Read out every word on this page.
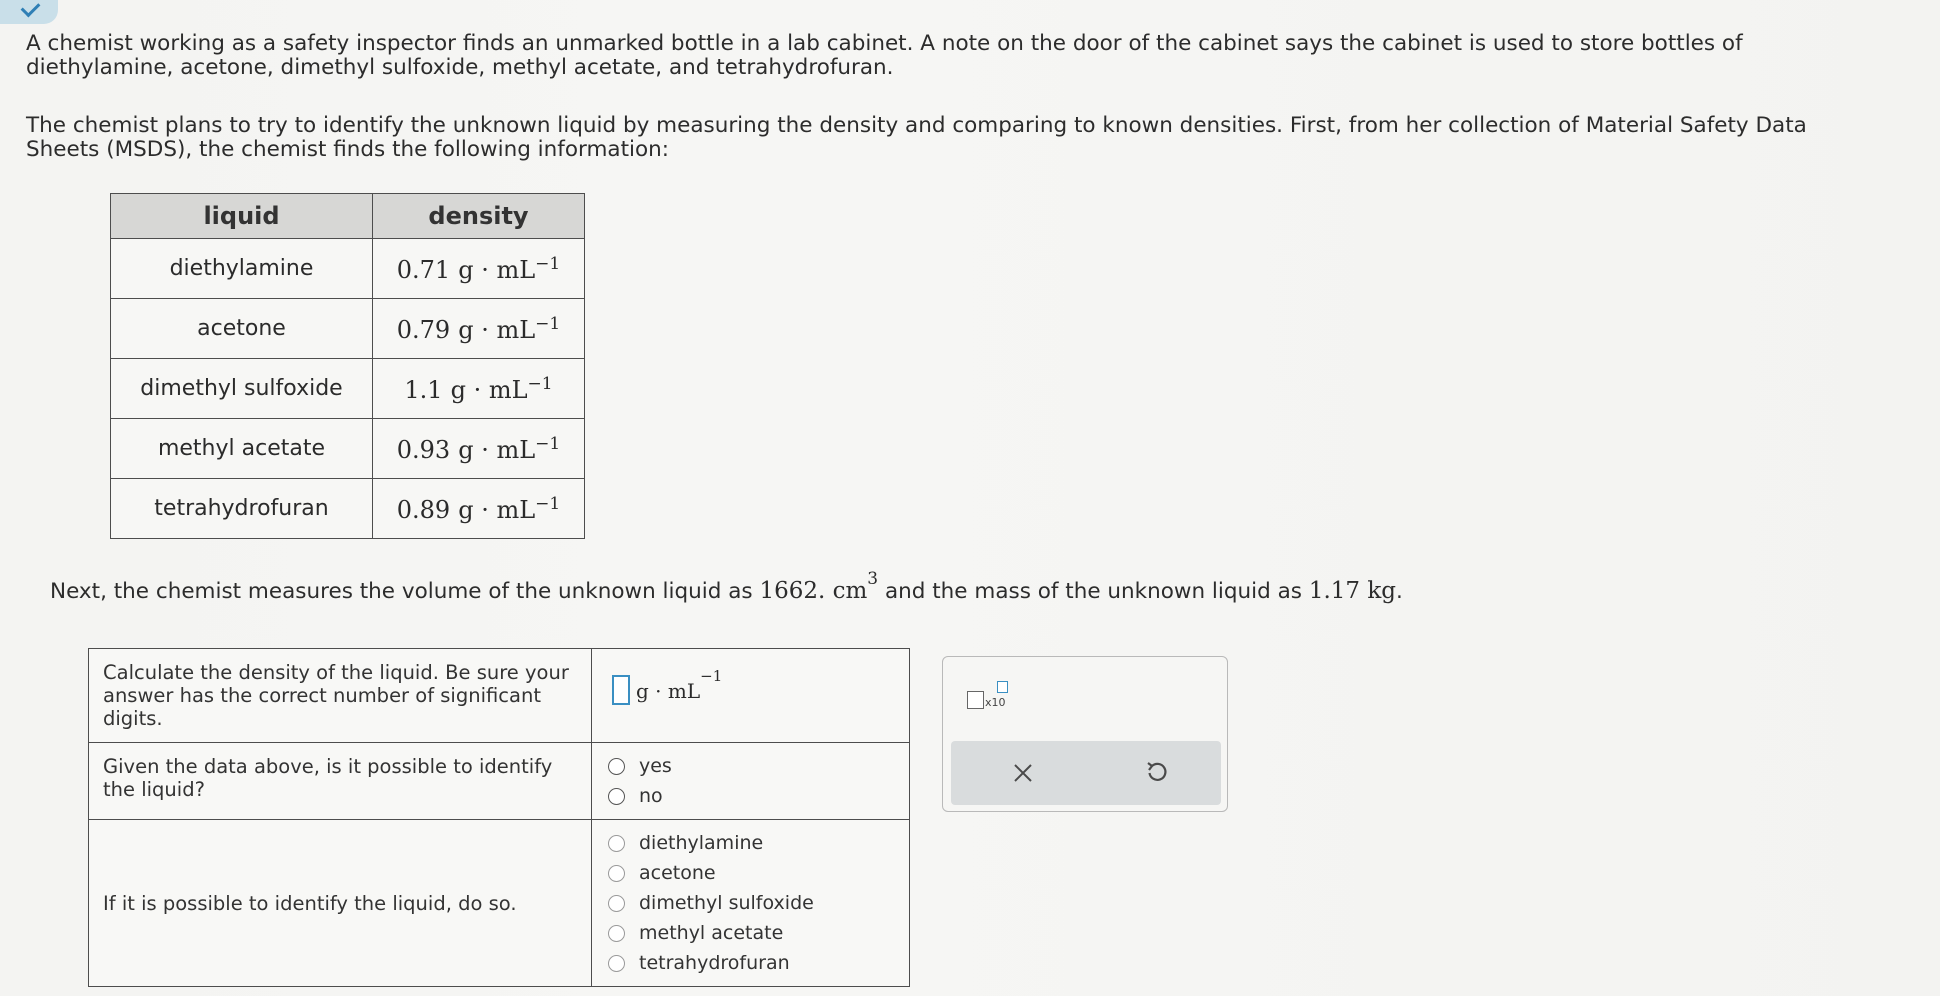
A chemist working as a safety inspector finds an unmarked bottle in a lab cabinet. A note on the door of the cabinet says the cabinet is used to store bottles of diethylamine, acetone, dimethyl sulfoxide, methyl acetate, and tetrahydrofuran.

The chemist plans to try to identify the unknown liquid by measuring the density and comparing to known densities. First, from her collection of Material Safety Data Sheets (MSDS), the chemist finds the following information:

liquid	density
diethylamine	0.71 $g \cdot mL^{-1}$
acetone	0.79 $g \cdot mL^{-1}$
dimethyl sulfoxide	1.1 $g \cdot mL^{-1}$
methyl acetate	0.93 $g \cdot mL^{-1}$
tetrahydrofuran	0.89 $g \cdot mL^{-1}$

Next, the chemist measures the volume of the unknown liquid as 1662. $cm^3$ and the mass of the unknown liquid as 1.17 kg.

Calculate the density of the liquid. Be sure your answer has the correct number of significant digits.	$g \cdot mL^{-1}$
Given the data above, is it possible to identify the liquid?	yes
no

If it is possible to identify the liquid, do so.	diethylamine
acetone
dimethyl sulfoxide
methyl acetate
tetrahydrofuran
x10
